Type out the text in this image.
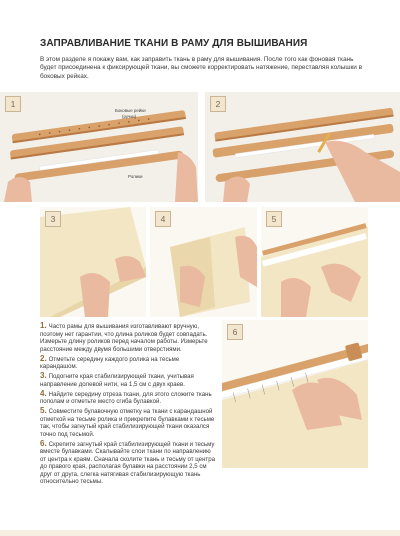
ЗАПРАВЛИВАНИЕ ТКАНИ В РАМУ ДЛЯ ВЫШИВАНИЯ

В этом разделе я покажу вам, как заправить ткань в раму для вышивания. После того как фоновая ткань будет присоединена к фиксирующей ткани, вы сможете корректировать натяжение, переставляя колышки в боковых рейках.

1
Боковые рейки
(ручки)
Ролики
2
3	4	5
6
1. Часто рамы для вышивания изготавливают вручную, поэтому нет гарантии, что длина роликов будет совпадать. Измерьте длину роликов перед началом работы. Измерьте расстояние между двумя большими отверстиями.
2. Отметьте середину каждого ролика на тесьме карандашом.
3. Подогните края стабилизирующей ткани, учитывая направление долевой нити, на 1,5 см с двух краев.
4. Найдите середину отреза ткани, для этого сложите ткань пополам и отметьте место сгиба булавкой.
5. Совместите булавочную отметку на ткани с карандашной отметкой на тесьме ролика и прикрепите булавками к тесьме так, чтобы загнутый край стабилизирующей ткани оказался точно под тесьмой.
6. Скрепите загнутый край стабилизирующей ткани и тесьму вместе булавками. Скалывайте слои ткани по направлению от центра к краям. Сначала сколите ткань и тесьму от центра до правого края, располагая булавки на расстоянии 2,5 см друг от друга, слегка натягивая стабилизирующую ткань относительно тесьмы.
